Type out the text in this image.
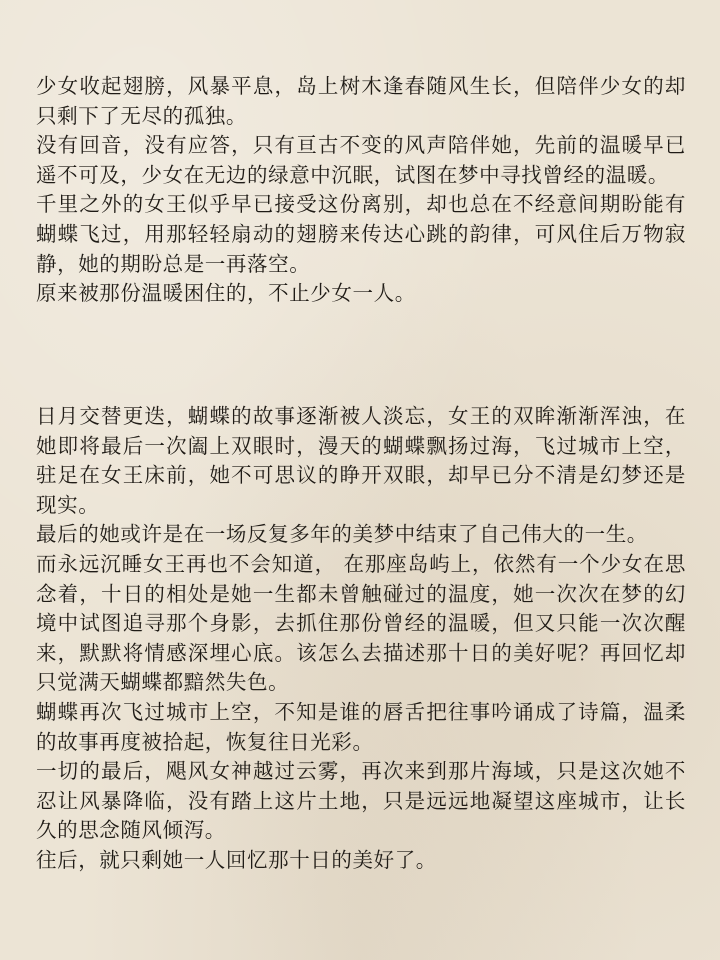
少女收起翅膀，风暴平息，岛上树木逢春随风生长，但陪伴少女的却只剩下了无尽的孤独。

没有回音，没有应答，只有亘古不变的风声陪伴她，先前的温暖早已遥不可及，少女在无边的绿意中沉眠，试图在梦中寻找曾经的温暖。

千里之外的女王似乎早已接受这份离别，却也总在不经意间期盼能有蝴蝶飞过，用那轻轻扇动的翅膀来传达心跳的韵律，可风住后万物寂静，她的期盼总是一再落空。

原来被那份温暖困住的，不止少女一人。

日月交替更迭，蝴蝶的故事逐渐被人淡忘，女王的双眸渐渐浑浊，在她即将最后一次阖上双眼时，漫天的蝴蝶飘扬过海，飞过城市上空，驻足在女王床前，她不可思议的睁开双眼，却早已分不清是幻梦还是现实。

最后的她或许是在一场反复多年的美梦中结束了自己伟大的一生。

而永远沉睡女王再也不会知道， 在那座岛屿上，依然有一个少女在思念着，十日的相处是她一生都未曾触碰过的温度，她一次次在梦的幻境中试图追寻那个身影，去抓住那份曾经的温暖，但又只能一次次醒来，默默将情感深埋心底。该怎么去描述那十日的美好呢？再回忆却只觉满天蝴蝶都黯然失色。

蝴蝶再次飞过城市上空，不知是谁的唇舌把往事吟诵成了诗篇，温柔的故事再度被拾起，恢复往日光彩。

一切的最后，飓风女神越过云雾，再次来到那片海域，只是这次她不忍让风暴降临，没有踏上这片土地，只是远远地凝望这座城市，让长久的思念随风倾泻。

往后，就只剩她一人回忆那十日的美好了。
